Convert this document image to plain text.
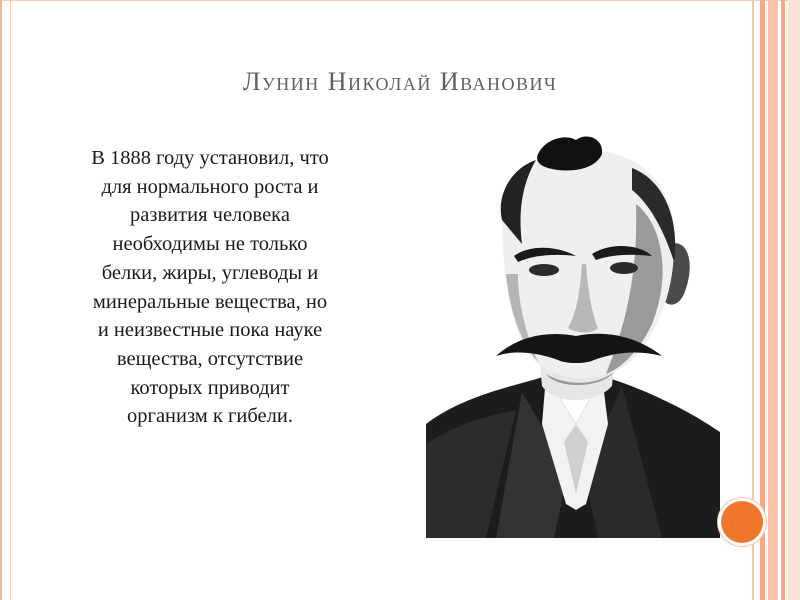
Лунин Николай Иванович
В 1888 году установил, что
для нормального роста и
развития человека
необходимы не только
белки, жиры, углеводы и
минеральные вещества, но
и неизвестные пока науке
вещества, отсутствие
которых приводит
организм к гибели.
